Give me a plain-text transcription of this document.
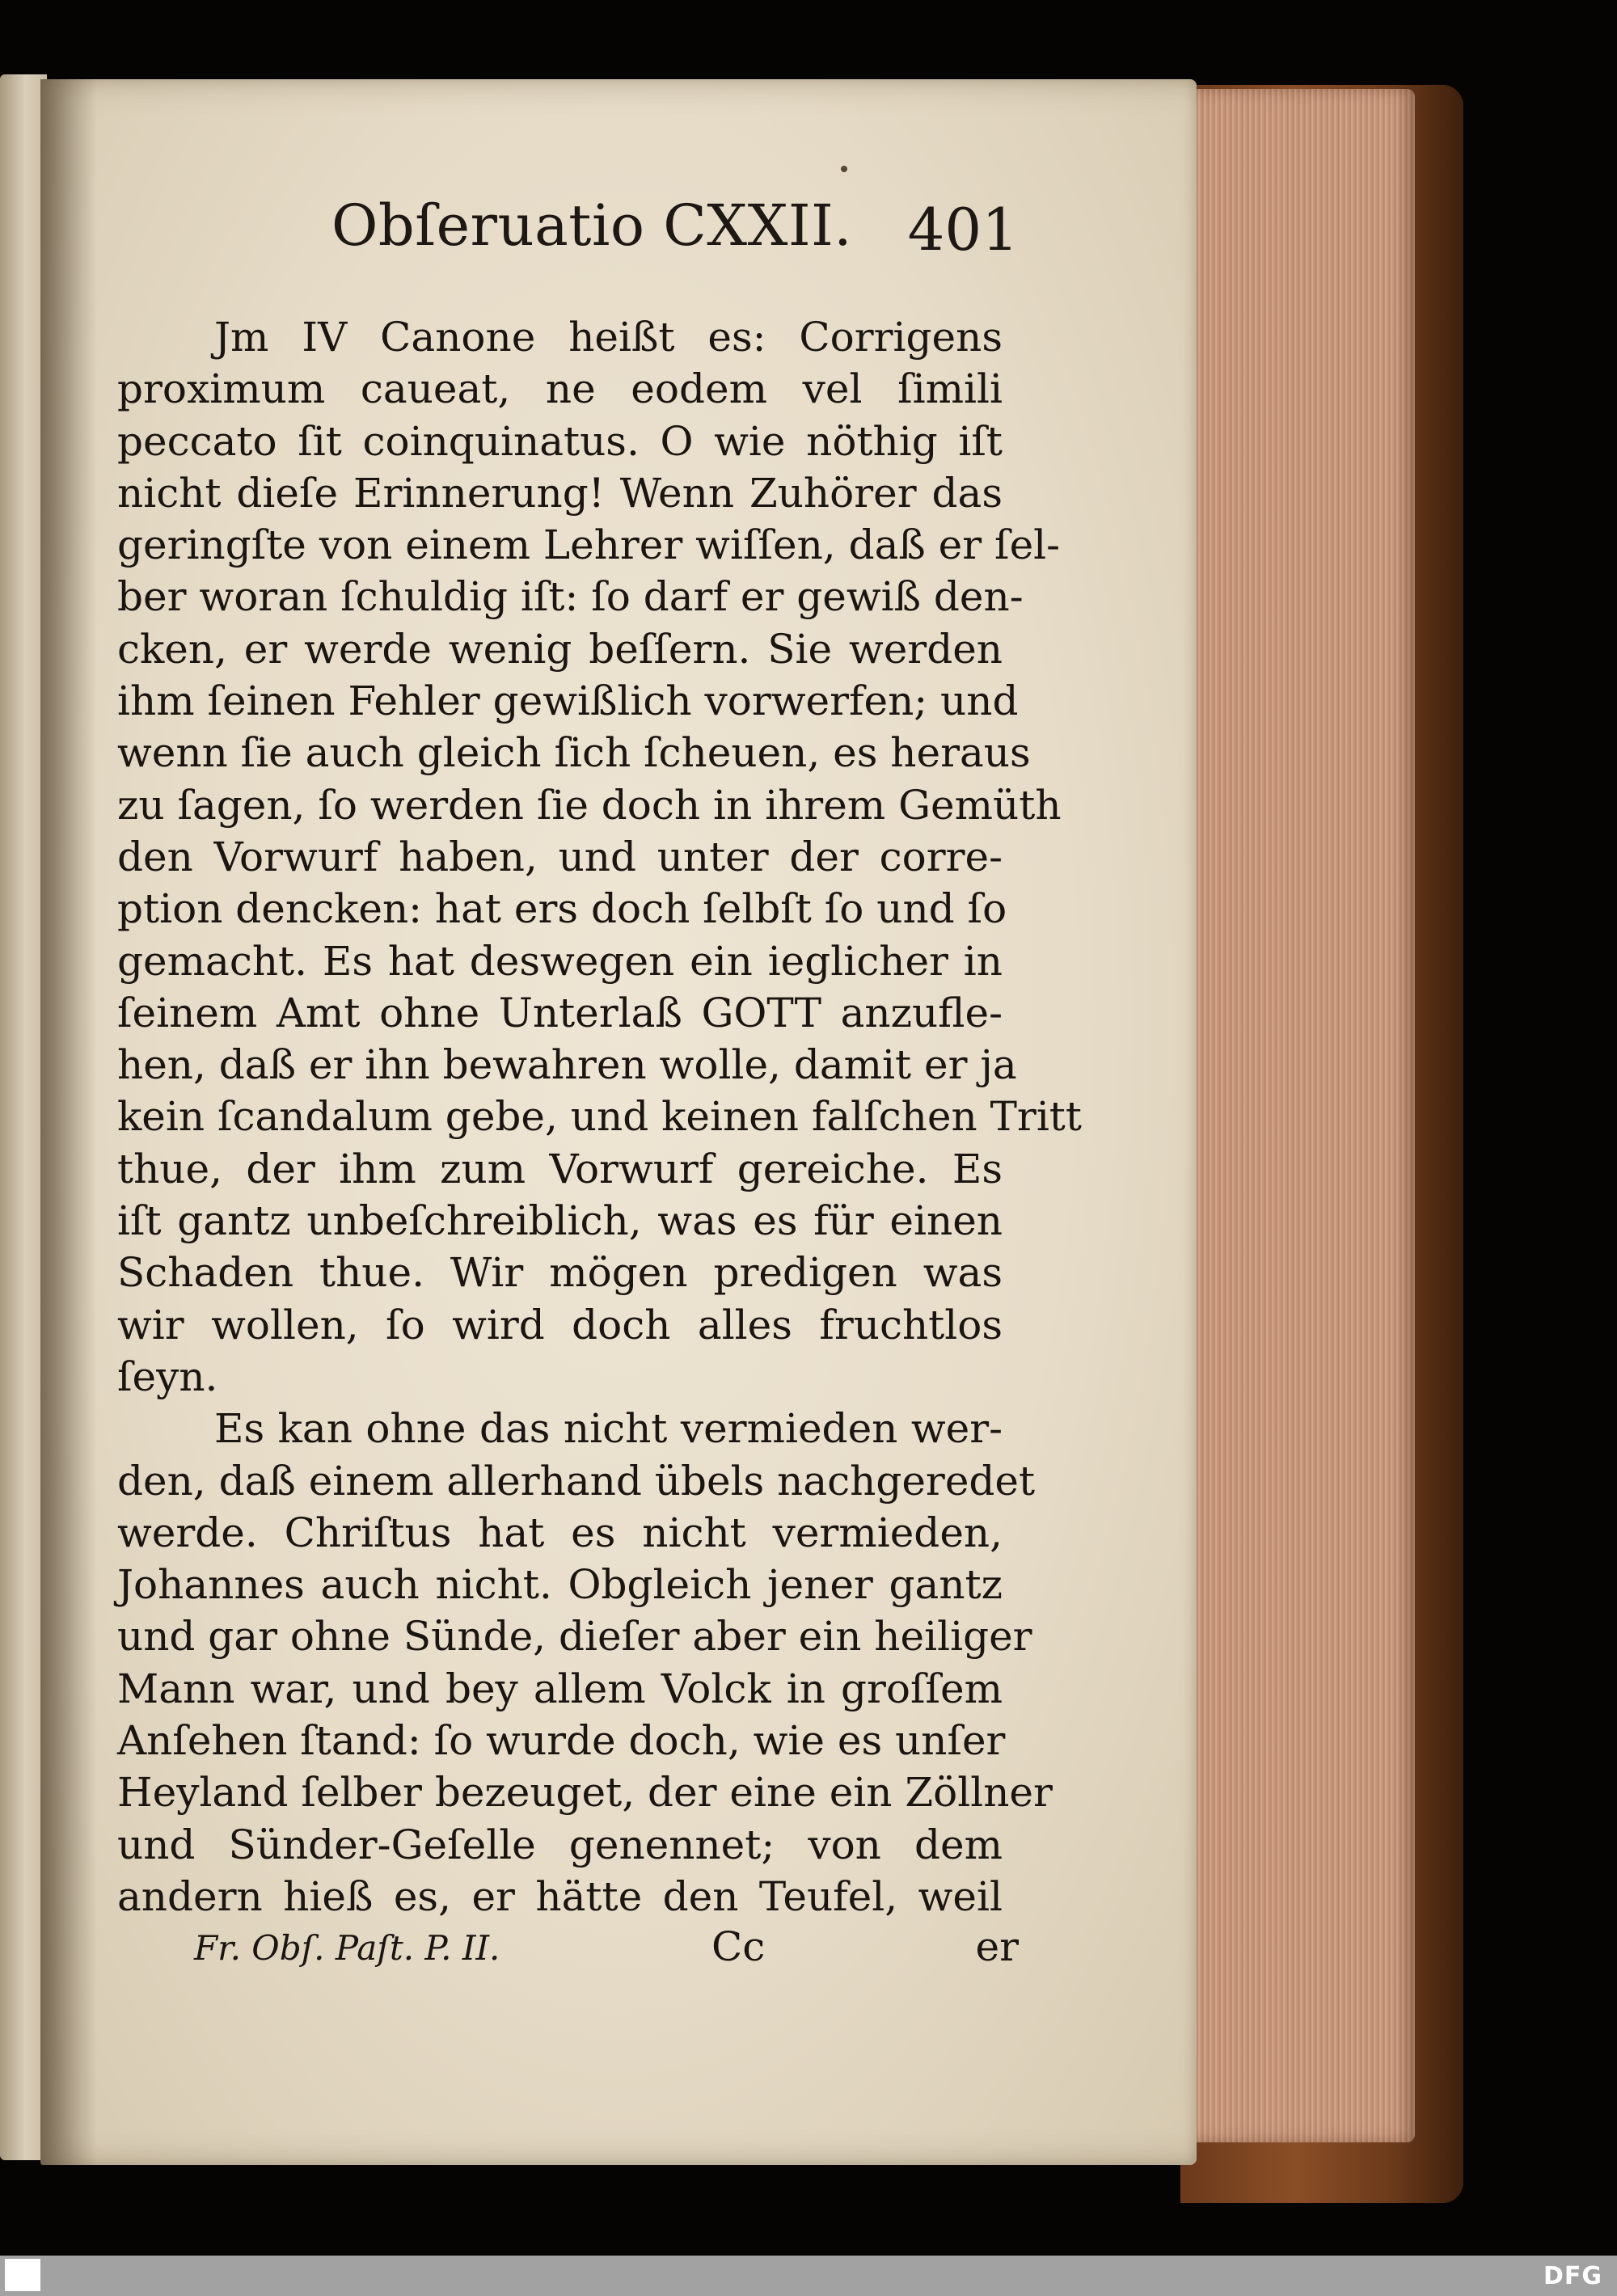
Obſeruatio CXXII. 401
Jm IV Canone heißt es: Corrigens
proximum caueat, ne eodem vel ſimili
peccato ſit coinquinatus. O wie nöthig iſt
nicht dieſe Erinnerung! Wenn Zuhörer das
geringſte von einem Lehrer wiſſen, daß er ſel-
ber woran ſchuldig iſt: ſo darf er gewiß den-
cken, er werde wenig beſſern. Sie werden
ihm ſeinen Fehler gewißlich vorwerfen; und
wenn ſie auch gleich ſich ſcheuen, es heraus
zu ſagen, ſo werden ſie doch in ihrem Gemüth
den Vorwurf haben, und unter der corre-
ption dencken: hat ers doch ſelbſt ſo und ſo
gemacht. Es hat deswegen ein ieglicher in
ſeinem Amt ohne Unterlaß GOTT anzufle-
hen, daß er ihn bewahren wolle, damit er ja
kein ſcandalum gebe, und keinen falſchen Tritt
thue, der ihm zum Vorwurf gereiche. Es
iſt gantz unbeſchreiblich, was es für einen
Schaden thue. Wir mögen predigen was
wir wollen, ſo wird doch alles fruchtlos
ſeyn.
Es kan ohne das nicht vermieden wer-
den, daß einem allerhand übels nachgeredet
werde. Chriſtus hat es nicht vermieden,
Johannes auch nicht. Obgleich jener gantz
und gar ohne Sünde, dieſer aber ein heiliger
Mann war, und bey allem Volck in groſſem
Anſehen ſtand: ſo wurde doch, wie es unſer
Heyland ſelber bezeuget, der eine ein Zöllner
und Sünder-Geſelle genennet; von dem
andern hieß es, er hätte den Teufel, weil
Fr. Obſ. Paſt. P. II.	Cc	er
DFG
